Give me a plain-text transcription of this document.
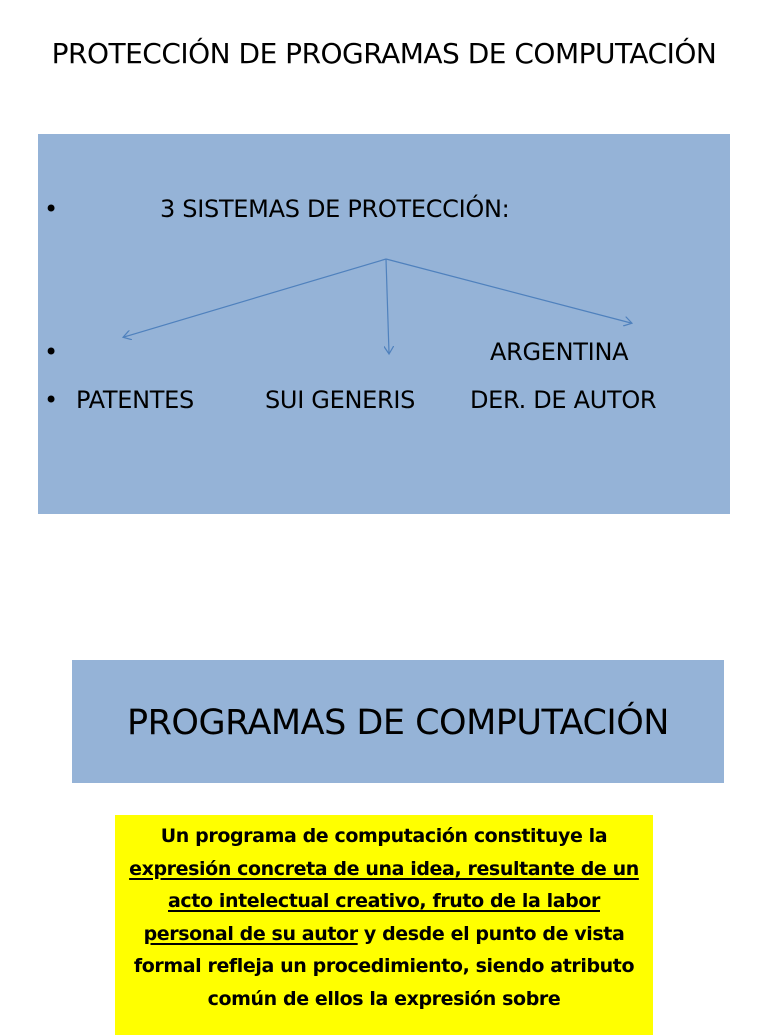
PROTECCIÓN DE PROGRAMAS DE COMPUTACIÓN
•	3 SISTEMAS DE PROTECCIÓN:
•	ARGENTINA
• PATENTES	SUI GENERIS DER. DE AUTOR
PROGRAMAS DE COMPUTACIÓN

Un programa de computación constituye la expresión concreta de una idea, resultante de un acto intelectual creativo, fruto de la labor personal de su autor y desde el punto de vista formal refleja un procedimiento, siendo atributo común de ellos la expresión sobre
